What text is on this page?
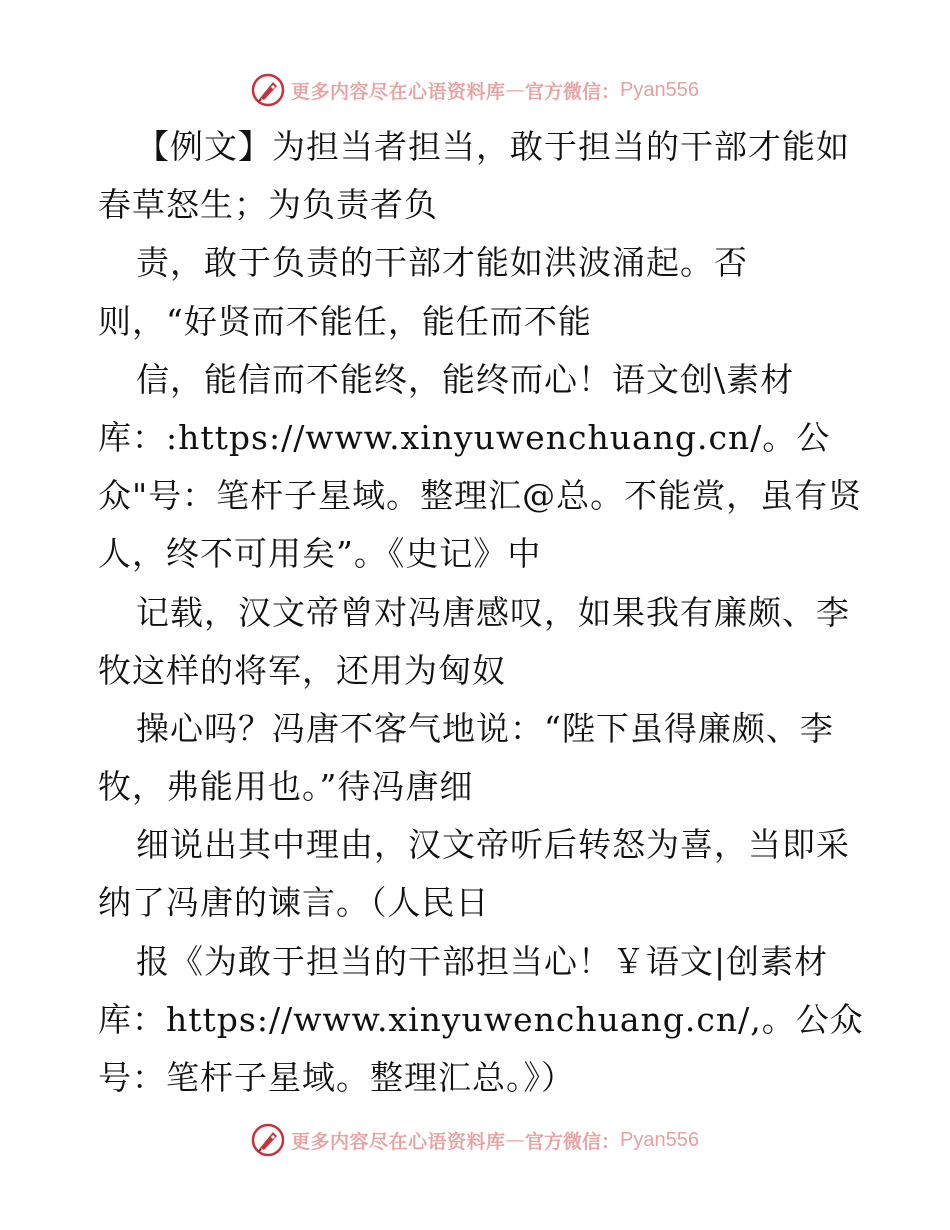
更多内容尽在心语资料库 — 官方微信： Pyan556
【例文】为担当者担当，敢于担当的干部才能如
春草怒生；为负责者负
责，敢于负责的干部才能如洪波涌起。否
则，“好贤而不能任，能任而不能
信，能信而不能终，能终而心！语文创\素材
库：:https://www.xinyuwenchuang.cn/。公
众"号：笔杆子星域。整理汇@总。不能赏，虽有贤
人，终不可用矣”。《史记》中
记载，汉文帝曾对冯唐感叹，如果我有廉颇、李
牧这样的将军，还用为匈奴
操心吗？冯唐不客气地说：“陛下虽得廉颇、李
牧，弗能用也。”待冯唐细
细说出其中理由，汉文帝听后转怒为喜，当即采
纳了冯唐的谏言。（人民日
报《为敢于担当的干部担当心！￥语文|创素材
库：https://www.xinyuwenchuang.cn/,。公众
号：笔杆子星域。整理汇总。》）
更多内容尽在心语资料库 — 官方微信： Pyan556
